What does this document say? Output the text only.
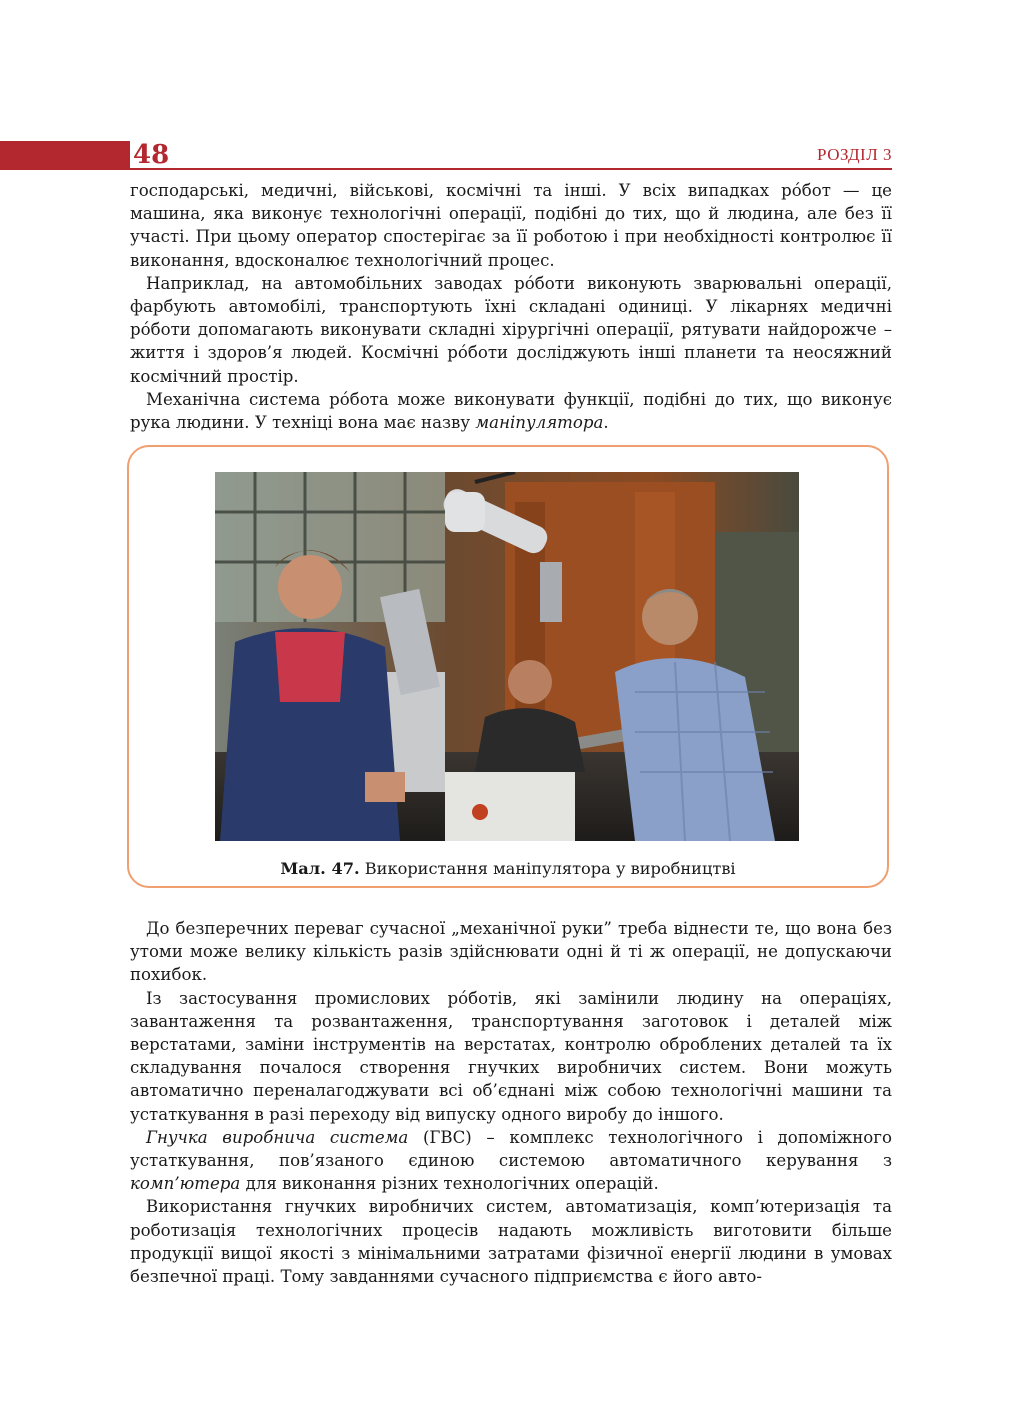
48	РОЗДІЛ 3

господарські, медичні, військові, космічні та інші. У всіх випадках рóбот — це машина, яка виконує технологічні операції, подібні до тих, що й людина, але без її участі. При цьому оператор спостерігає за її роботою і при необхідності контролює її виконання, вдосконалює технологічний процес.

Наприклад, на автомобільних заводах рóботи виконують зварювальні операції, фарбують автомобілі, транспортують їхні складані одиниці. У лікарнях медичні рóботи допомагають виконувати складні хірургічні операції, рятувати найдорожче – життя і здоров’я людей. Космічні рóботи досліджують інші планети та неосяжний космічний простір.

Механічна система рóбота може виконувати функції, подібні до тих, що виконує рука людини. У техніці вона має назву маніпулятора.

Мал. 47. Використання маніпулятора у виробництві

До безперечних переваг сучасної „механічної руки” треба віднести те, що вона без утоми може велику кількість разів здійснювати одні й ті ж операції, не допускаючи похибок.

Із застосування промислових рóботів, які замінили людину на операціях, завантаження та розвантаження, транспортування заготовок і деталей між верстатами, заміни інструментів на верстатах, контролю оброблених деталей та їх складування почалося створення гнучких виробничих систем. Вони можуть автоматично переналагоджувати всі об’єднані між собою технологічні машини та устаткування в разі переходу від випуску одного виробу до іншого.

Гнучка виробнича система (ГВС) – комплекс технологічного і допоміжного устаткування, пов’язаного єдиною системою автоматичного керування з комп’ютера для виконання різних технологічних операцій.

Використання гнучких виробничих систем, автоматизація, комп’ютеризація та роботизація технологічних процесів надають можливість виготовити більше продукції вищої якості з мінімальними затратами фізичної енергії людини в умовах безпечної праці. Тому завданнями сучасного підприємства є його авто-
